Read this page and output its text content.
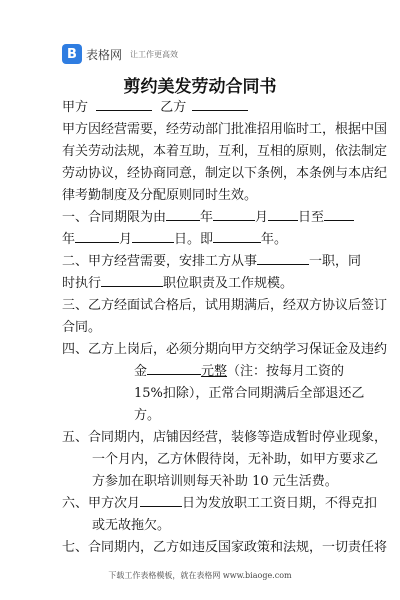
B 表格网 让工作更高效
剪约美发劳动合同书
甲方	乙方
甲方因经营需要，经劳动部门批准招用临时工，根据中国
有关劳动法规，本着互助，互利，互相的原则，依法制定
劳动协议，经协商同意，制定以下条例，本条例与本店纪
律考勤制度及分配原则同时生效。
一、合同期限为由	年	月 日至
年	月	日。即	年。
二、甲方经营需要，安排工方从事	一职，同
时执行	职位职责及工作规模。
三、乙方经面试合格后，试用期满后，经双方协议后签订
合同。
四、乙方上岗后，必须分期向甲方交纳学习保证金及违约
金	元整（注：按每月工资的
15%扣除），正常合同期满后全部退还乙
方。
五、合同期内，店铺因经营，装修等造成暂时停业现象，
一个月内，乙方休假待岗，无补助，如甲方要求乙
方参加在职培训则每天补助 10 元生活费。
六、甲方次月	日为发放职工工资日期，不得克扣
或无故拖欠。
七、合同期内，乙方如违反国家政策和法规，一切责任将
下载工作表格模板，就在表格网 www.biaoge.com
